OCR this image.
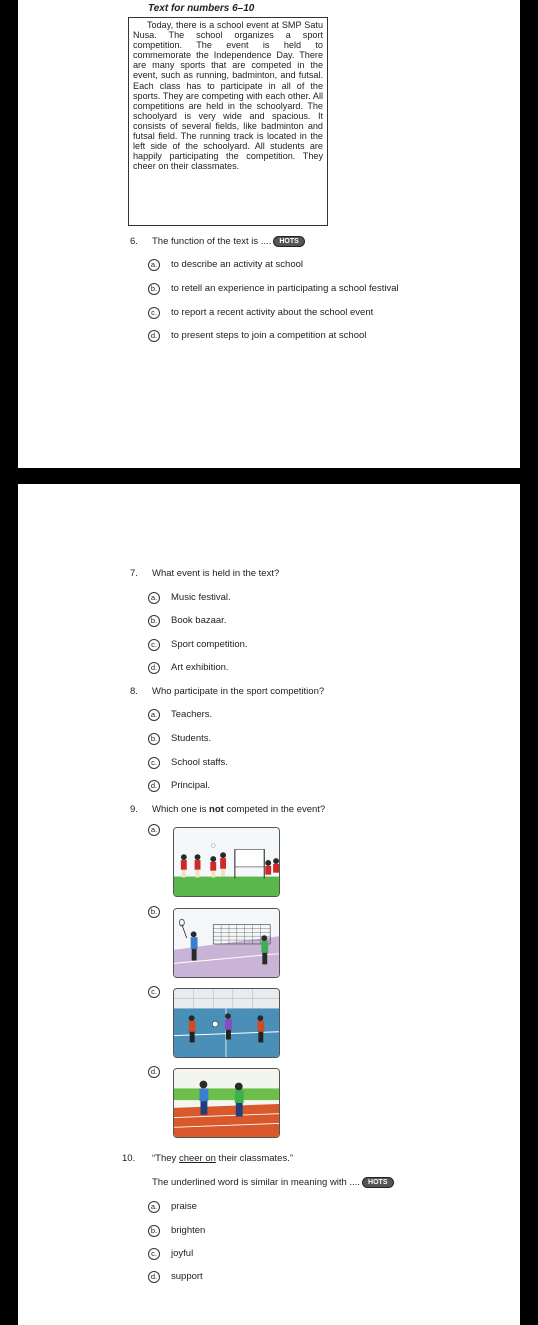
Text for numbers 6–10

Today, there is a school event at SMP Satu Nusa. The school organizes a sport competition. The event is held to commemorate the Independence Day. There are many sports that are competed in the event, such as running, badminton, and futsal. Each class has to participate in all of the sports. They are competing with each other. All competitions are held in the schoolyard. The schoolyard is very wide and spacious. It consists of several fields, like badminton and futsal field. The running track is located in the left side of the schoolyard. All students are happily participating the competition. They cheer on their classmates.

6. The function of the text is .... HOTS
a.	to describe an activity at school
b.	to retell an experience in participating a school festival
c.	to report a recent activity about the school event
d.	to present steps to join a competition at school
7. What event is held in the text?
a.	Music festival.
b.	Book bazaar.
c.	Sport competition.
d.	Art exhibition.
8. Who participate in the sport competition?
a.	Teachers.
b.	Students.
c.	School staffs.
d.	Principal.
9. Which one is not competed in the event?
a.
b.
c.
d.
10. “They cheer on their classmates.”
The underlined word is similar in meaning with .... HOTS
a.	praise
b.	brighten
c.	joyful
d.	support
